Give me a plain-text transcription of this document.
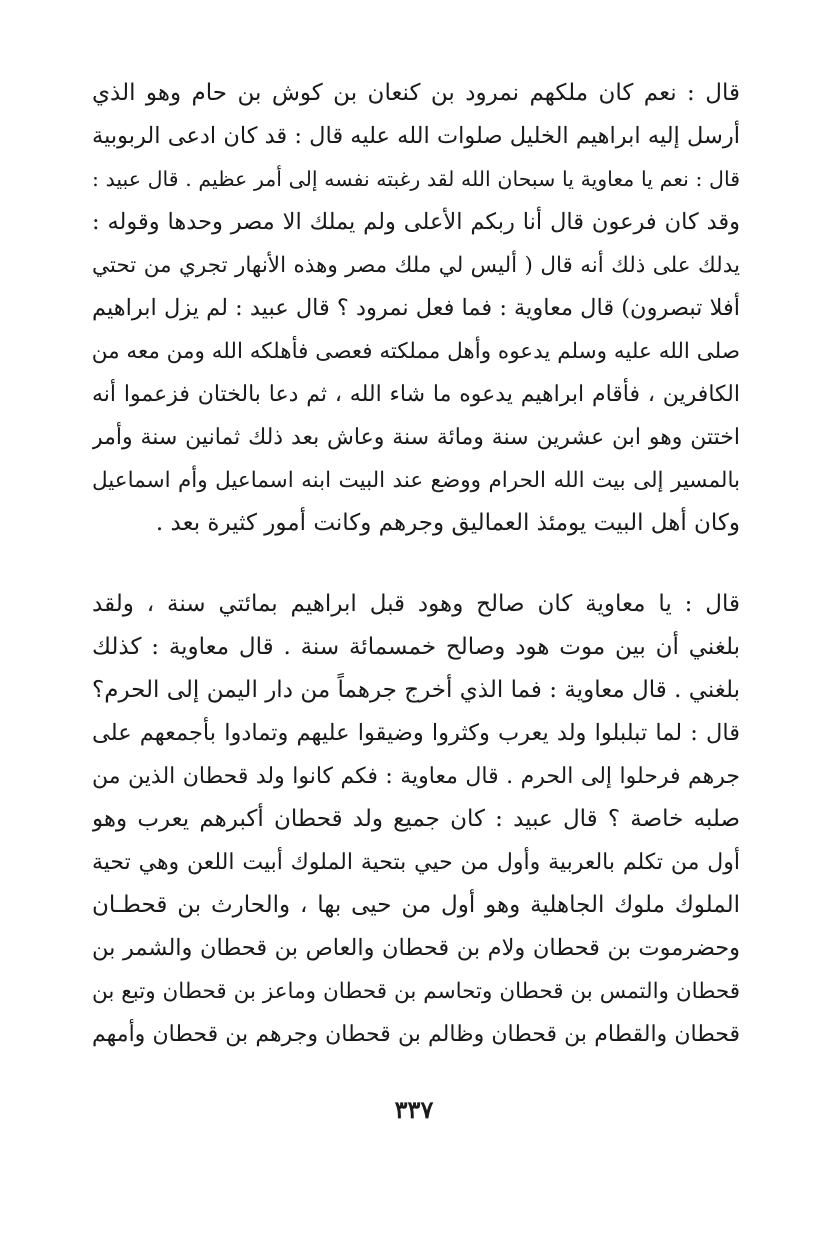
قال : نعم كان ملكهم نمرود بن كنعان بن كوش بن حام وهو الذي
أرسل إليه ابراهيم الخليل صلوات الله عليه قال : قد كان ادعى الربوبية
قال : نعم يا معاوية يا سبحان الله لقد رغبته نفسه إلى أمر عظيم . قال عبيد :
وقد كان فرعون قال أنا ربكم الأعلى ولم يملك الا مصر وحدها وقوله :
يدلك على ذلك أنه قال ( أليس لي ملك مصر وهذه الأنهار تجري من تحتي
أفلا تبصرون) قال معاوية : فما فعل نمرود ؟ قال عبيد : لم يزل ابراهيم
صلى الله عليه وسلم يدعوه وأهل مملكته فعصى فأهلكه الله ومن معه من
الكافرين ، فأقام ابراهيم يدعوه ما شاء الله ، ثم دعا بالختان فزعموا أنه
اختتن وهو ابن عشرين سنة ومائة سنة وعاش بعد ذلك ثمانين سنة وأمر
بالمسير إلى بيت الله الحرام ووضع عند البيت ابنه اسماعيل وأم اسماعيل
وكان أهل البيت يومئذ العماليق وجرهم وكانت أمور كثيرة بعد .
قال : يا معاوية كان صالح وهود قبل ابراهيم بمائتي سنة ، ولقد
بلغني أن بين موت هود وصالح خمسمائة سنة . قال معاوية : كذلك
بلغني . قال معاوية : فما الذي أخرج جرهماً من دار اليمن إلى الحرم؟
قال : لما تبلبلوا ولد يعرب وكثروا وضيقوا عليهم وتمادوا بأجمعهم على
جرهم فرحلوا إلى الحرم . قال معاوية : فكم كانوا ولد قحطان الذين من
صلبه خاصة ؟ قال عبيد : كان جميع ولد قحطان أكبرهم يعرب وهو
أول من تكلم بالعربية وأول من حيي بتحية الملوك أبيت اللعن وهي تحية
الملوك ملوك الجاهلية وهو أول من حيى بها ، والحارث بن قحطـان
وحضرموت بن قحطان ولام بن قحطان والعاص بن قحطان والشمر بن
قحطان والتمس بن قحطان وتحاسم بن قحطان وماعز بن قحطان وتبع بن
قحطان والقطام بن قحطان وظالم بن قحطان وجرهم بن قحطان وأمهم
٣٣٧
